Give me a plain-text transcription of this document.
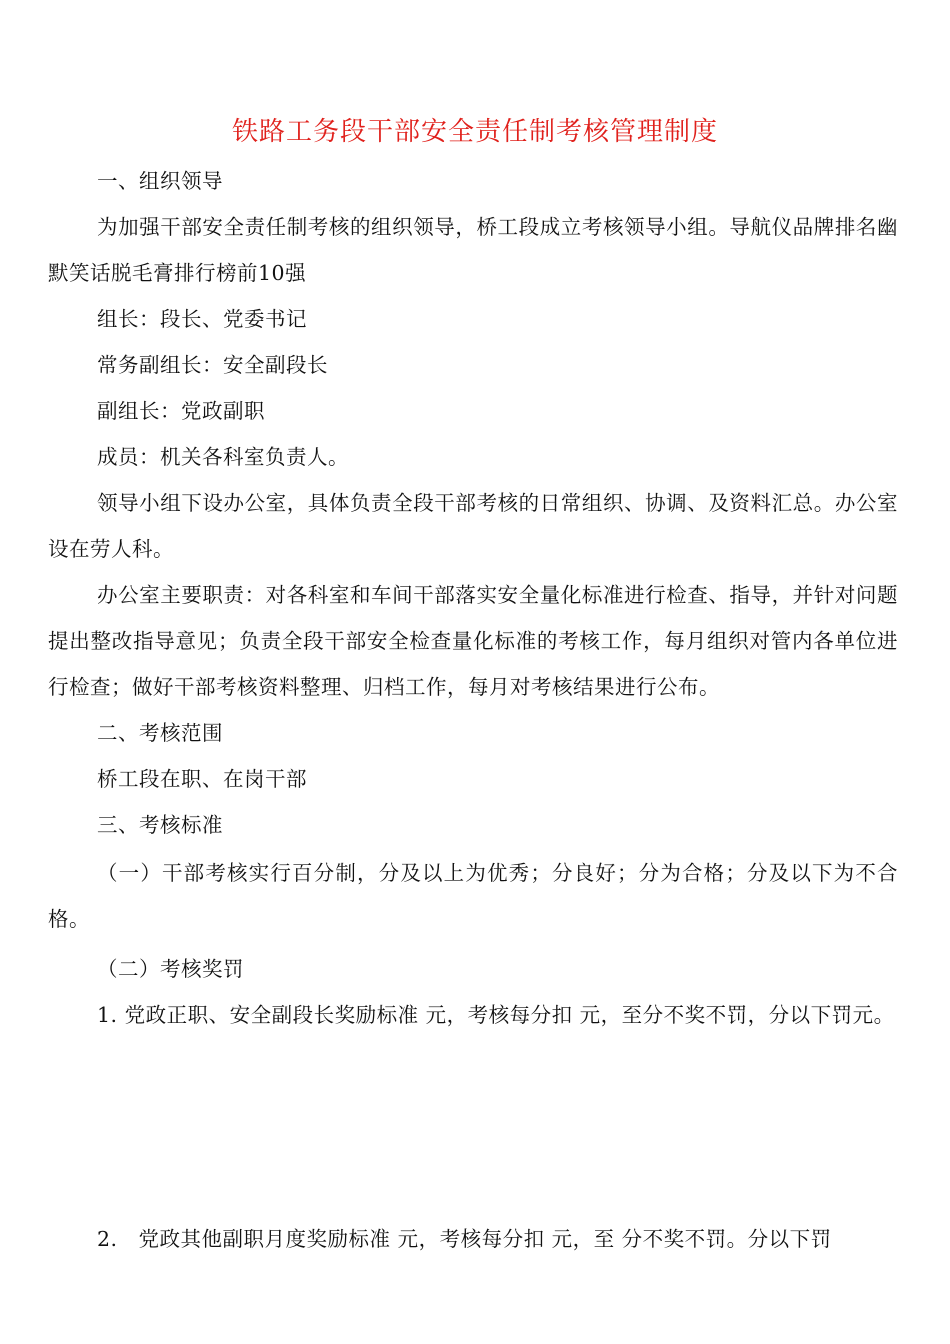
铁路工务段干部安全责任制考核管理制度
一、组织领导
为加强干部安全责任制考核的组织领导，桥工段成立考核领导小组。导航仪品牌排名幽默笑话脱毛膏排行榜前10强
组长：段长、党委书记
常务副组长：安全副段长
副组长：党政副职
成员：机关各科室负责人。
领导小组下设办公室，具体负责全段干部考核的日常组织、协调、及资料汇总。办公室设在劳人科。
办公室主要职责：对各科室和车间干部落实安全量化标准进行检查、指导，并针对问题提出整改指导意见；负责全段干部安全检查量化标准的考核工作，每月组织对管内各单位进行检查；做好干部考核资料整理、归档工作，每月对考核结果进行公布。
二、考核范围
桥工段在职、在岗干部
三、考核标准
（一）干部考核实行百分制，分及以上为优秀；分良好；分为合格；分及以下为不合格。
（二）考核奖罚
1. 党政正职、安全副段长奖励标准 元，考核每分扣 元，至分不奖不罚，分以下罚元。
2.　党政其他副职月度奖励标准 元，考核每分扣 元，至 分不奖不罚。分以下罚
